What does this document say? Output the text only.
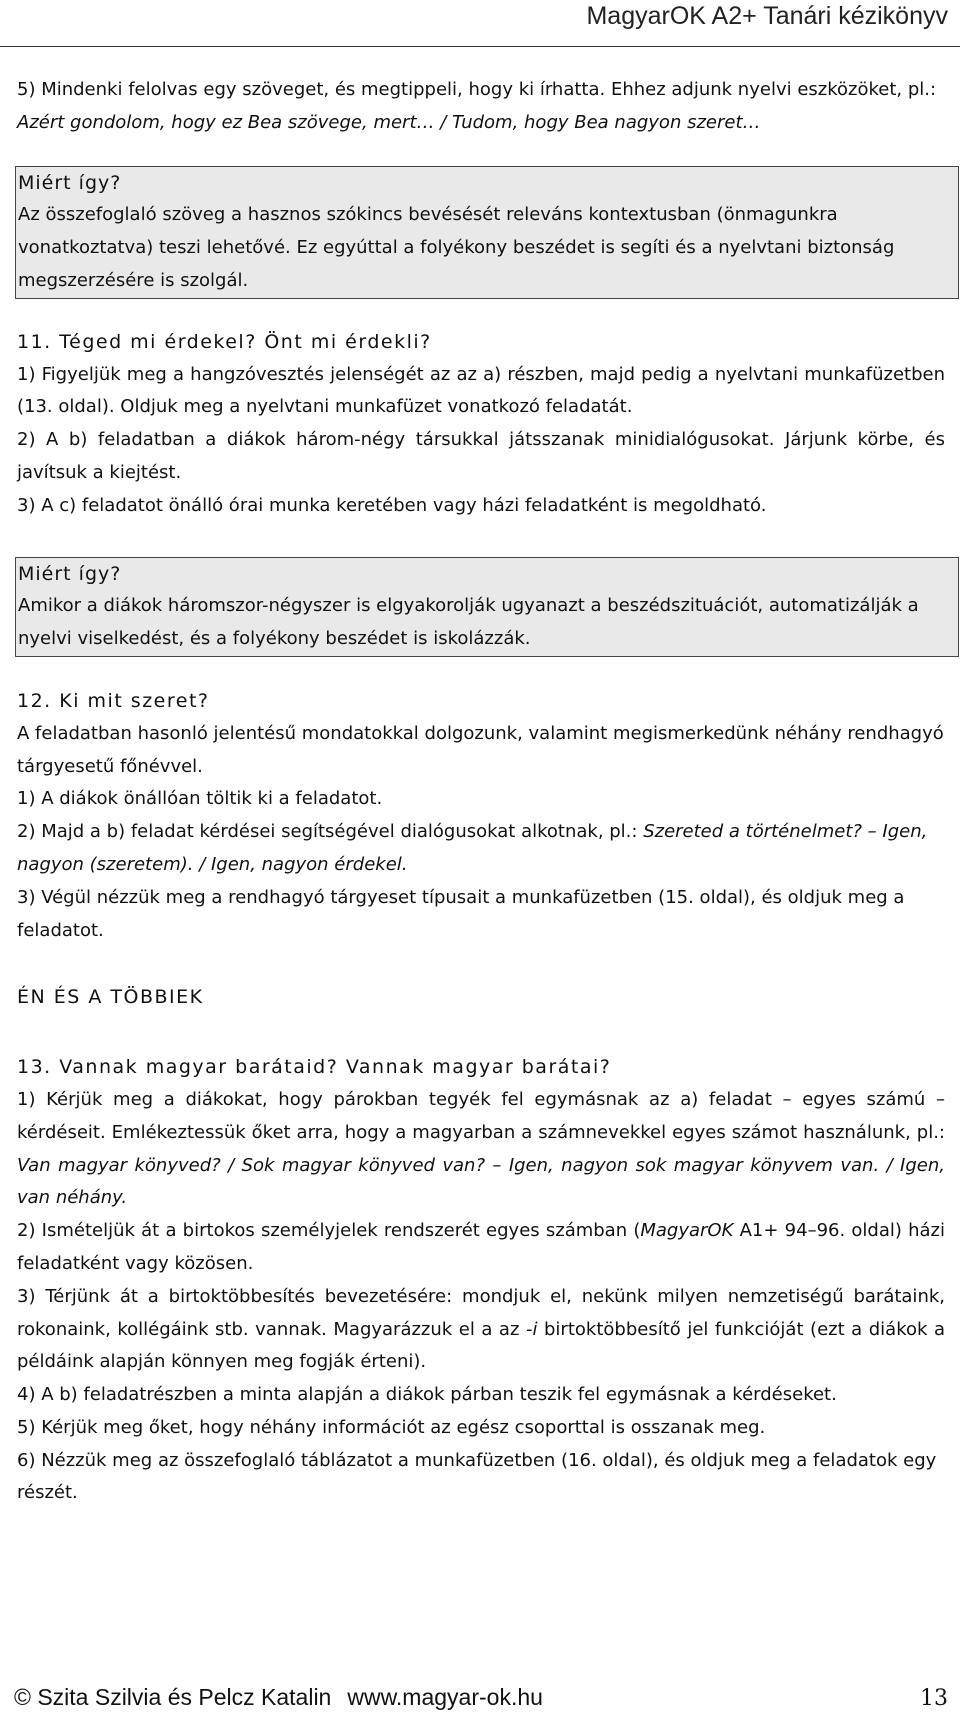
MagyarOK A2+ Tanári kézikönyv

5) Mindenki felolvas egy szöveget, és megtippeli, hogy ki írhatta. Ehhez adjunk nyelvi eszközöket, pl.: Azért gondolom, hogy ez Bea szövege, mert… / Tudom, hogy Bea nagyon szeret…

Miért így?

Az összefoglaló szöveg a hasznos szókincs bevésését releváns kontextusban (önmagunkra vonatkoztatva) teszi lehetővé. Ez egyúttal a folyékony beszédet is segíti és a nyelvtani biztonság megszerzésére is szolgál.

11. Téged mi érdekel? Önt mi érdekli?

1) Figyeljük meg a hangzóvesztés jelenségét az az a) részben, majd pedig a nyelvtani munkafüzetben (13. oldal). Oldjuk meg a nyelvtani munkafüzet vonatkozó feladatát.

2) A b) feladatban a diákok három-négy társukkal játsszanak minidialógusokat. Járjunk körbe, és javítsuk a kiejtést.

3) A c) feladatot önálló órai munka keretében vagy házi feladatként is megoldható.

Miért így?

Amikor a diákok háromszor-négyszer is elgyakorolják ugyanazt a beszédszituációt, automatizálják a nyelvi viselkedést, és a folyékony beszédet is iskolázzák.

12. Ki mit szeret?

A feladatban hasonló jelentésű mondatokkal dolgozunk, valamint megismerkedünk néhány rendhagyó tárgyesetű főnévvel.

1) A diákok önállóan töltik ki a feladatot.

2) Majd a b) feladat kérdései segítségével dialógusokat alkotnak, pl.: Szereted a történelmet? – Igen, nagyon (szeretem). / Igen, nagyon érdekel.

3) Végül nézzük meg a rendhagyó tárgyeset típusait a munkafüzetben (15. oldal), és oldjuk meg a feladatot.

ÉN ÉS A TÖBBIEK

13. Vannak magyar barátaid? Vannak magyar barátai?

1) Kérjük meg a diákokat, hogy párokban tegyék fel egymásnak az a) feladat – egyes számú – kérdéseit. Emlékeztessük őket arra, hogy a magyarban a számnevekkel egyes számot használunk, pl.: Van magyar könyved? / Sok magyar könyved van? – Igen, nagyon sok magyar könyvem van. / Igen, van néhány.

2) Ismételjük át a birtokos személyjelek rendszerét egyes számban (MagyarOK A1+ 94–96. oldal) házi feladatként vagy közösen.

3) Térjünk át a birtoktöbbesítés bevezetésére: mondjuk el, nekünk milyen nemzetiségű barátaink, rokonaink, kollégáink stb. vannak. Magyarázzuk el a az -i birtoktöbbesítő jel funkcióját (ezt a diákok a példáink alapján könnyen meg fogják érteni).

4) A b) feladatrészben a minta alapján a diákok párban teszik fel egymásnak a kérdéseket.

5) Kérjük meg őket, hogy néhány információt az egész csoporttal is osszanak meg.

6) Nézzük meg az összefoglaló táblázatot a munkafüzetben (16. oldal), és oldjuk meg a feladatok egy részét.

© Szita Szilvia és Pelcz Katalin www.magyar-ok.hu	13
